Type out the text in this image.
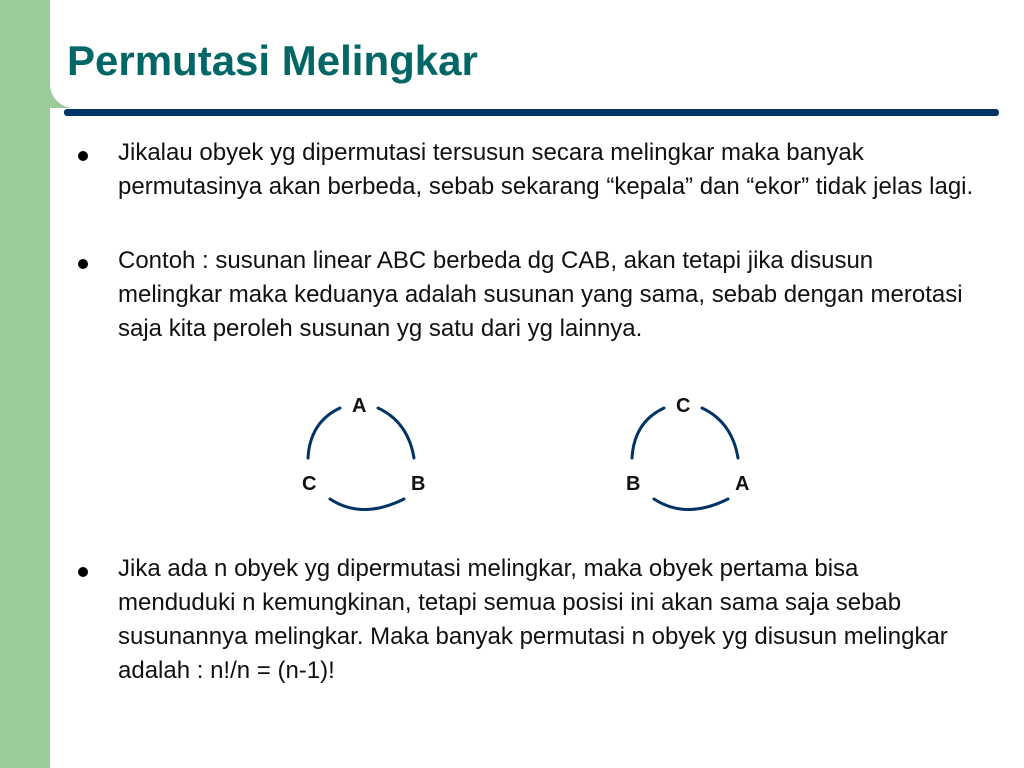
Permutasi Melingkar

Jikalau obyek yg dipermutasi tersusun secara melingkar maka banyak permutasinya akan berbeda, sebab sekarang “kepala” dan “ekor” tidak jelas lagi.

Contoh : susunan linear ABC berbeda dg CAB, akan tetapi jika disusun melingkar maka keduanya adalah susunan yang sama, sebab dengan merotasi saja kita peroleh susunan yg satu dari yg lainnya.

Jika ada n obyek yg dipermutasi melingkar, maka obyek pertama bisa menduduki n kemungkinan, tetapi semua posisi ini akan sama saja sebab susunannya melingkar. Maka banyak permutasi n obyek yg disusun melingkar adalah : n!/n = (n-1)!

A
C	B
C
B	A
